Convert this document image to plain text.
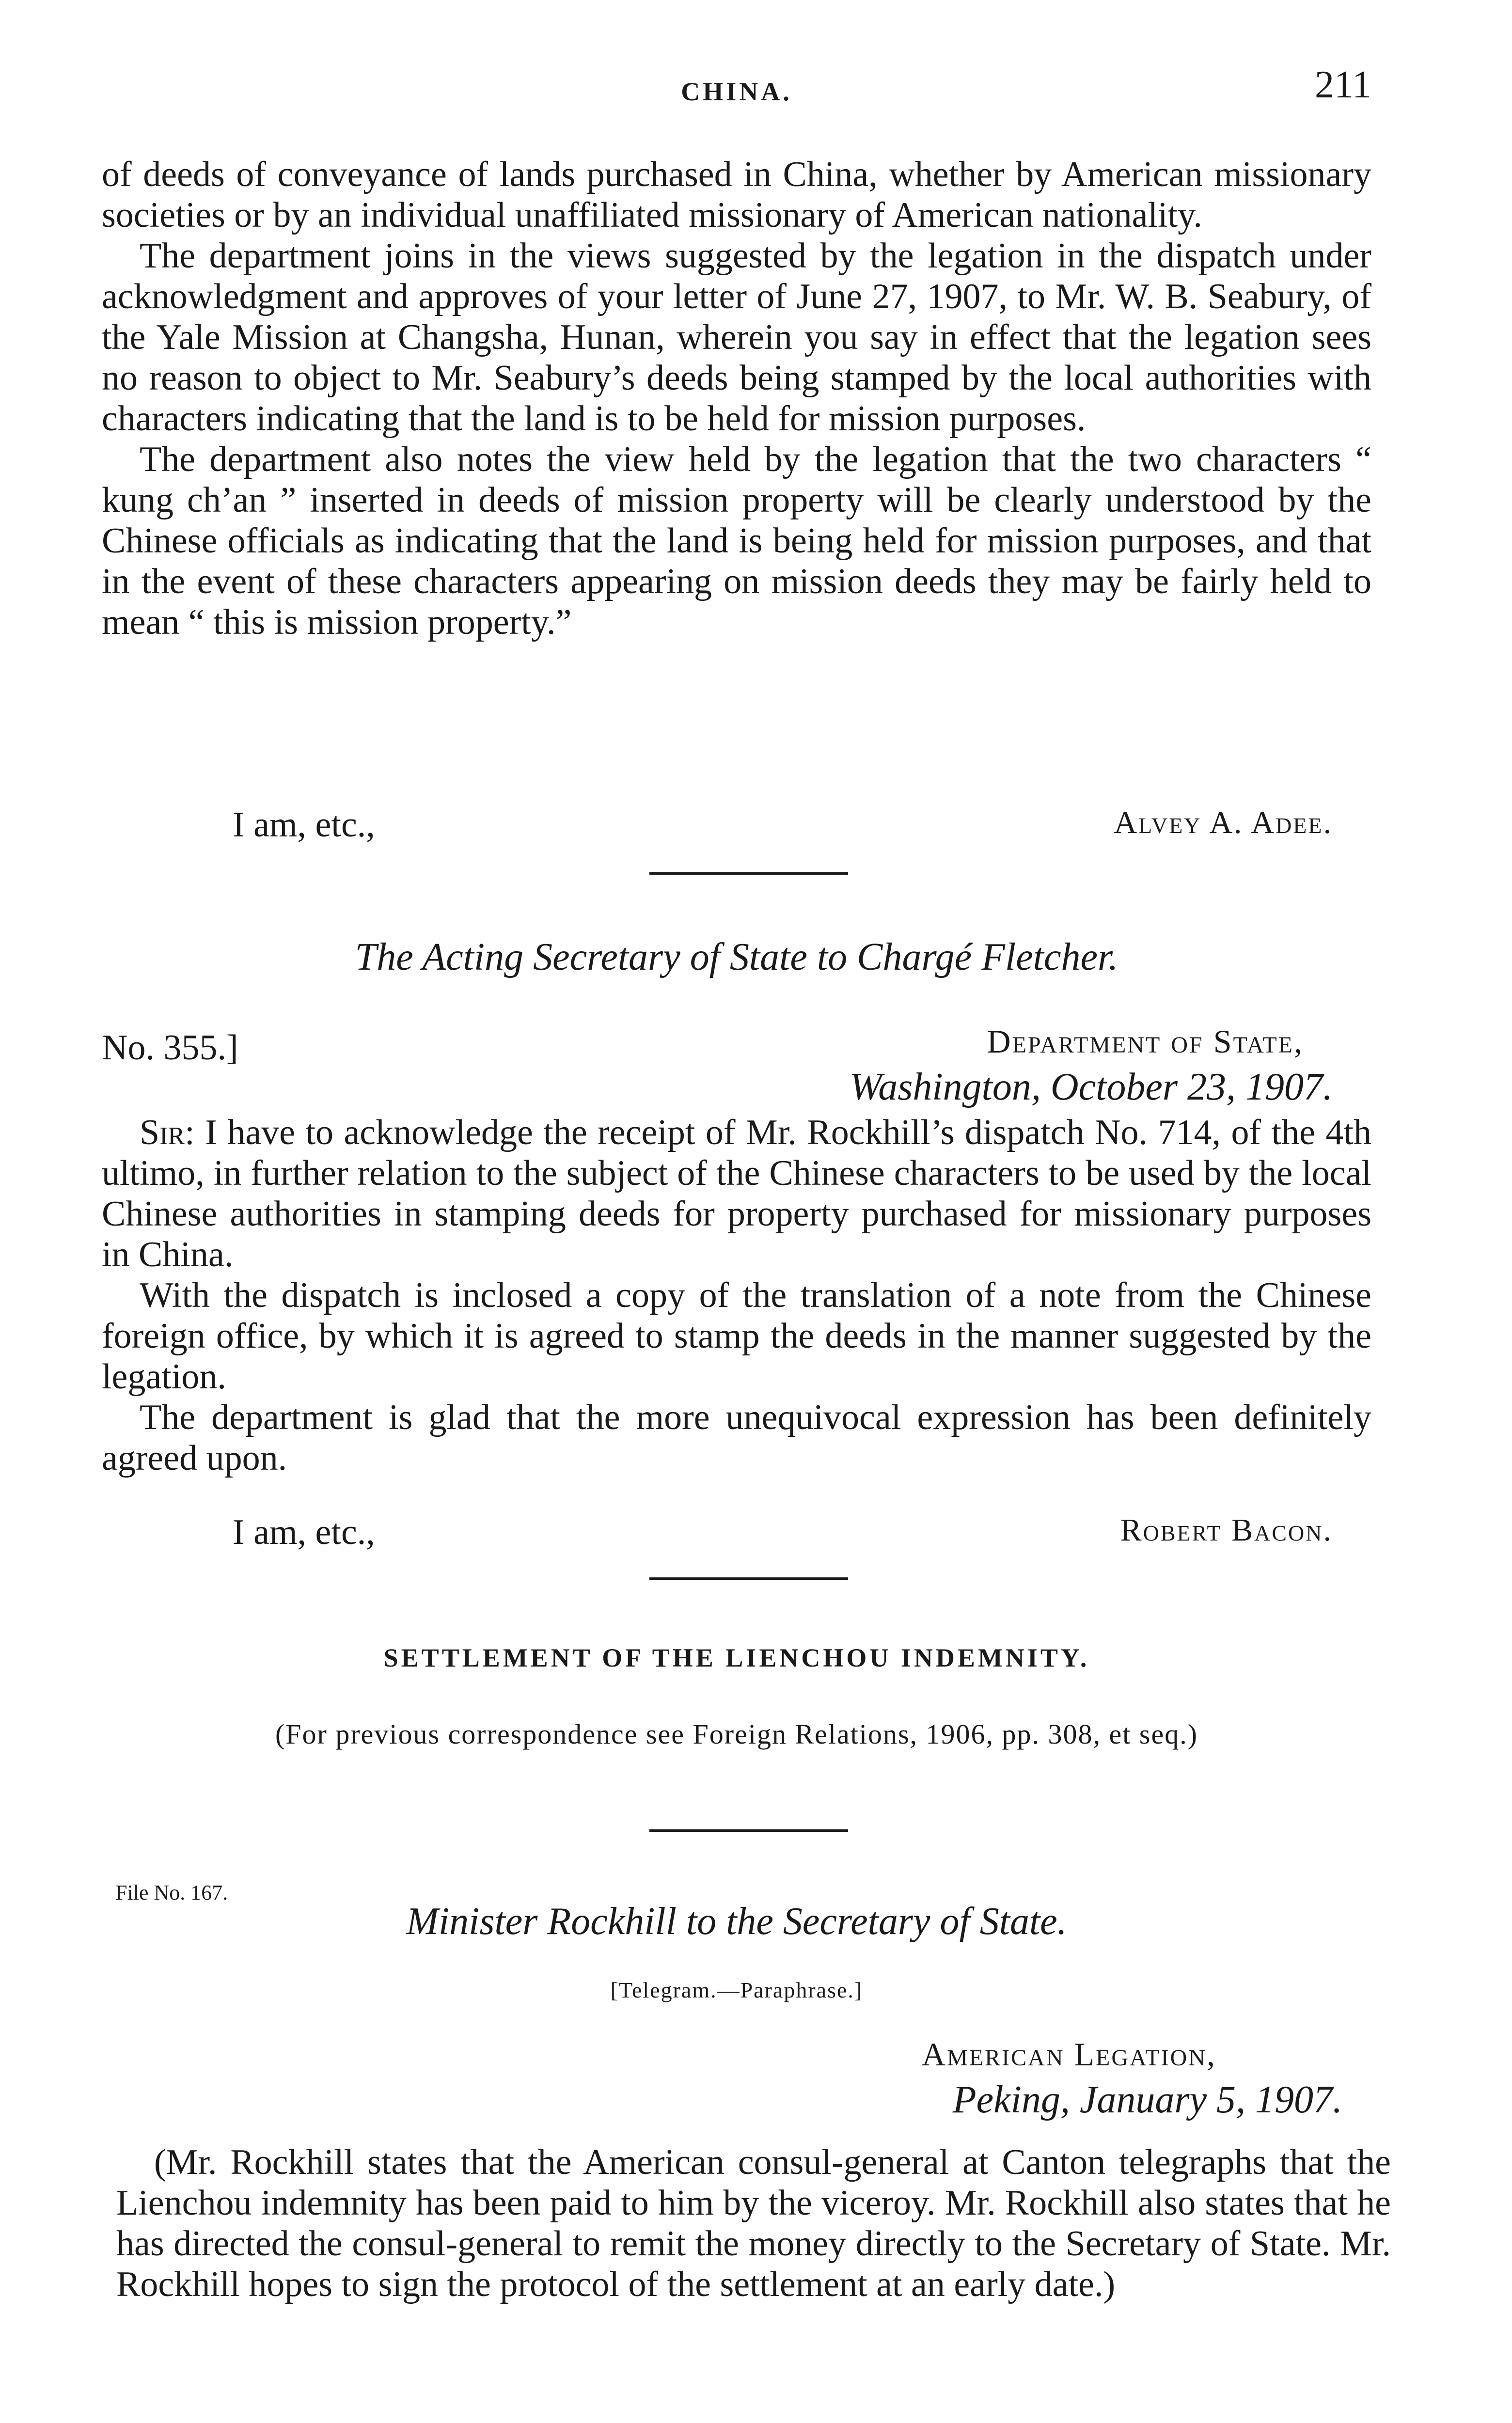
CHINA.	211

of deeds of conveyance of lands purchased in China, whether by American missionary societies or by an individual unaffiliated missionary of American nationality.

The department joins in the views suggested by the legation in the dispatch under acknowledgment and approves of your letter of June 27, 1907, to Mr. W. B. Seabury, of the Yale Mission at Changsha, Hunan, wherein you say in effect that the legation sees no reason to object to Mr. Seabury’s deeds being stamped by the local authorities with characters indicating that the land is to be held for mission purposes.

The department also notes the view held by the legation that the two characters “ kung ch’an ” inserted in deeds of mission property will be clearly understood by the Chinese officials as indicating that the land is being held for mission purposes, and that in the event of these characters appearing on mission deeds they may be fairly held to mean “ this is mission property.”

I am, etc.,	Alvey A. Adee.
The Acting Secretary of State to Chargé Fletcher.
No. 355.]	Department of State,
Washington, October 23, 1907.

Sir: I have to acknowledge the receipt of Mr. Rockhill’s dispatch No. 714, of the 4th ultimo, in further relation to the subject of the Chinese characters to be used by the local Chinese authorities in stamping deeds for property purchased for missionary purposes in China.

With the dispatch is inclosed a copy of the translation of a note from the Chinese foreign office, by which it is agreed to stamp the deeds in the manner suggested by the legation.

The department is glad that the more unequivocal expression has been definitely agreed upon.

I am, etc.,	Robert Bacon.
SETTLEMENT OF THE LIENCHOU INDEMNITY.
(For previous correspondence see Foreign Relations, 1906, pp. 308, et seq.)
File No. 167.
Minister Rockhill to the Secretary of State.
[Telegram.—Paraphrase.]
American Legation,
Peking, January 5, 1907.

(Mr. Rockhill states that the American consul-general at Canton telegraphs that the Lienchou indemnity has been paid to him by the viceroy. Mr. Rockhill also states that he has directed the consul-general to remit the money directly to the Secretary of State. Mr. Rockhill hopes to sign the protocol of the settlement at an early date.)
